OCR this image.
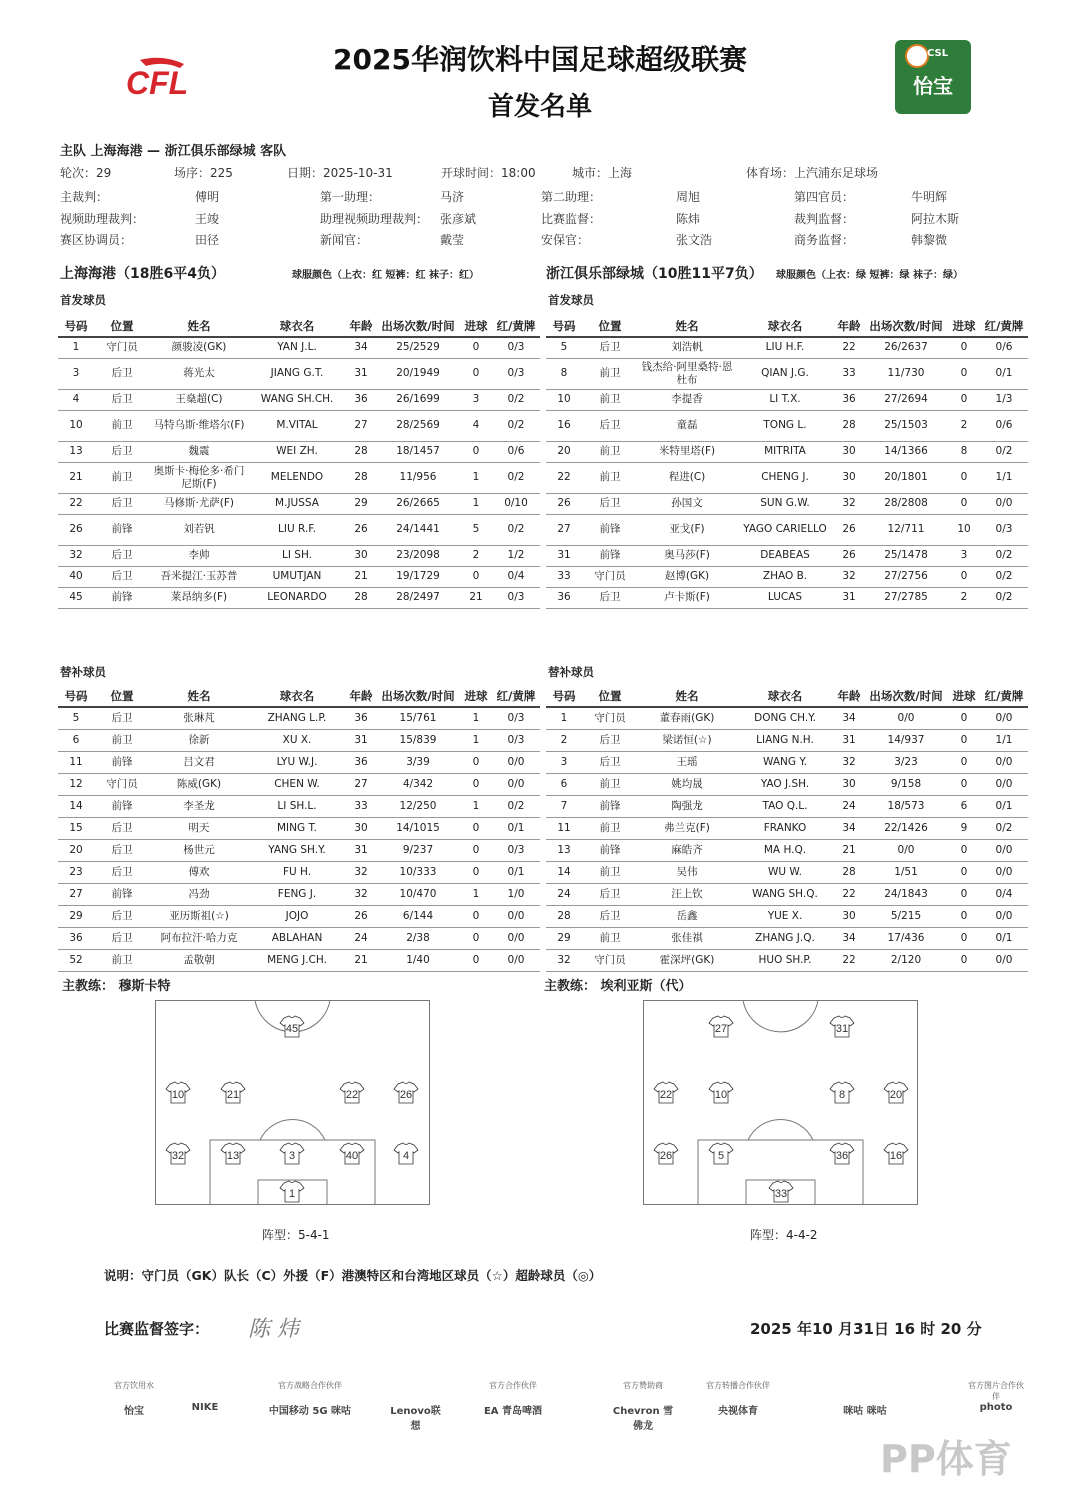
2025华润饮料中国足球超级联赛
首发名单
CFL
CSL
怡宝
主队 上海海港 — 浙江俱乐部绿城 客队
轮次：29	场序：225	日期：2025-10-31	开球时间：18:00	城市：上海	体育场：上汽浦东足球场
主裁判：	傅明	第一助理：	马济	第二助理：	周旭	第四官员：	牛明辉
视频助理裁判：	王竣	助理视频助理裁判： 张彦斌	比赛监督：	陈炜	裁判监督：	阿拉木斯
赛区协调员：	田径	新闻官：	戴莹	安保官：	张文浩	商务监督：	韩黎微
上海海港（18胜6平4负）	球服颜色（上衣：红 短裤：红 袜子：红）	浙江俱乐部绿城（10胜11平7负） 球服颜色（上衣：绿 短裤：绿 袜子：绿）
首发球员	首发球员
替补球员	替补球员
号码	位置	姓名	球衣名	年龄	出场次数/时间	进球	红/黄牌
1	守门员	颜骏凌(GK)	YAN J.L.	34	25/2529	0	0/3
3	后卫	蒋光太	JIANG G.T.	31	20/1949	0	0/3
4	后卫	王燊超(C)	WANG SH.CH.	36	26/1699	3	0/2
10	前卫	马特乌斯·维塔尔(F)	M.VITAL	27	28/2569	4	0/2
13	后卫	魏震	WEI ZH.	28	18/1457	0	0/6
21	前卫	奥斯卡·梅伦多·希门尼斯(F)	MELENDO	28	11/956	1	0/2
22	后卫	马修斯·尤萨(F)	M.JUSSA	29	26/2665	1	0/10
26	前锋	刘若钒	LIU R.F.	26	24/1441	5	0/2
32	后卫	李帅	LI SH.	30	23/2098	2	1/2
40	后卫	吾米提江·玉苏普	UMUTJAN	21	19/1729	0	0/4
45	前锋	莱昂纳多(F)	LEONARDO	28	28/2497	21	0/3
号码	位置	姓名	球衣名	年龄	出场次数/时间	进球	红/黄牌
5	后卫	刘浩帆	LIU H.F.	22	26/2637	0	0/6
8	前卫	钱杰给·阿里桑特·恩杜布	QIAN J.G.	33	11/730	0	0/1
10	前卫	李提香	LI T.X.	36	27/2694	0	1/3
16	后卫	童磊	TONG L.	28	25/1503	2	0/6
20	前卫	米特里塔(F)	MITRITA	30	14/1366	8	0/2
22	前卫	程进(C)	CHENG J.	30	20/1801	0	1/1
26	后卫	孙国文	SUN G.W.	32	28/2808	0	0/0
27	前锋	亚戈(F)	YAGO CARIELLO	26	12/711	10	0/3
31	前锋	奥马莎(F)	DEABEAS	26	25/1478	3	0/2
33	守门员	赵博(GK)	ZHAO B.	32	27/2756	0	0/2
36	后卫	卢卡斯(F)	LUCAS	31	27/2785	2	0/2
号码	位置	姓名	球衣名	年龄	出场次数/时间	进球	红/黄牌
5	后卫	张琳芃	ZHANG L.P.	36	15/761	1	0/3
6	前卫	徐新	XU X.	31	15/839	1	0/3
11	前锋	吕文君	LYU W.J.	36	3/39	0	0/0
12	守门员	陈威(GK)	CHEN W.	27	4/342	0	0/0
14	前锋	李圣龙	LI SH.L.	33	12/250	1	0/2
15	后卫	明天	MING T.	30	14/1015	0	0/1
20	后卫	杨世元	YANG SH.Y.	31	9/237	0	0/3
23	后卫	傅欢	FU H.	32	10/333	0	0/1
27	前锋	冯劲	FENG J.	32	10/470	1	1/0
29	后卫	亚历斯祖(☆)	JOJO	26	6/144	0	0/0
36	后卫	阿布拉汗·哈力克	ABLAHAN	24	2/38	0	0/0
52	前卫	孟敬朝	MENG J.CH.	21	1/40	0	0/0
号码	位置	姓名	球衣名	年龄	出场次数/时间	进球	红/黄牌
1	守门员	董春雨(GK)	DONG CH.Y.	34	0/0	0	0/0
2	后卫	梁诺恒(☆)	LIANG N.H.	31	14/937	0	1/1
3	后卫	王瑶	WANG Y.	32	3/23	0	0/0
6	前卫	姚均晟	YAO J.SH.	30	9/158	0	0/0
7	前锋	陶强龙	TAO Q.L.	24	18/573	6	0/1
11	前卫	弗兰克(F)	FRANKO	34	22/1426	9	0/2
13	前锋	麻皓齐	MA H.Q.	21	0/0	0	0/0
14	前卫	吴伟	WU W.	28	1/51	0	0/0
24	后卫	汪上钦	WANG SH.Q.	22	24/1843	0	0/4
28	后卫	岳鑫	YUE X.	30	5/215	0	0/0
29	前卫	张佳祺	ZHANG J.Q.	34	17/436	0	0/1
32	守门员	霍深坪(GK)	HUO SH.P.	22	2/120	0	0/0
主教练： 穆斯卡特	主教练： 埃利亚斯（代）
45
10	21	22	26
32	13	3	40	4
1
27	31
22	10	8	20
26	5	36	16
33
阵型：5-4-1	阵型：4-4-2
说明：守门员（GK）队长（C）外援（F）港澳特区和台湾地区球员（☆）超龄球员（◎）
比赛监督签字： 陈 炜	2025 年10 月31日 16 时 20 分
官方饮用水
怡宝	NIKE
官方战略合作伙伴
中国移动 5G 咪咕	Lenovo联想
官方合作伙伴
EA 青岛啤酒
官方赞助商
Chevron 雪佛龙
官方转播合作伙伴
央视体育	咪咕 咪咕
官方图片合作伙伴
photo
PP体育
